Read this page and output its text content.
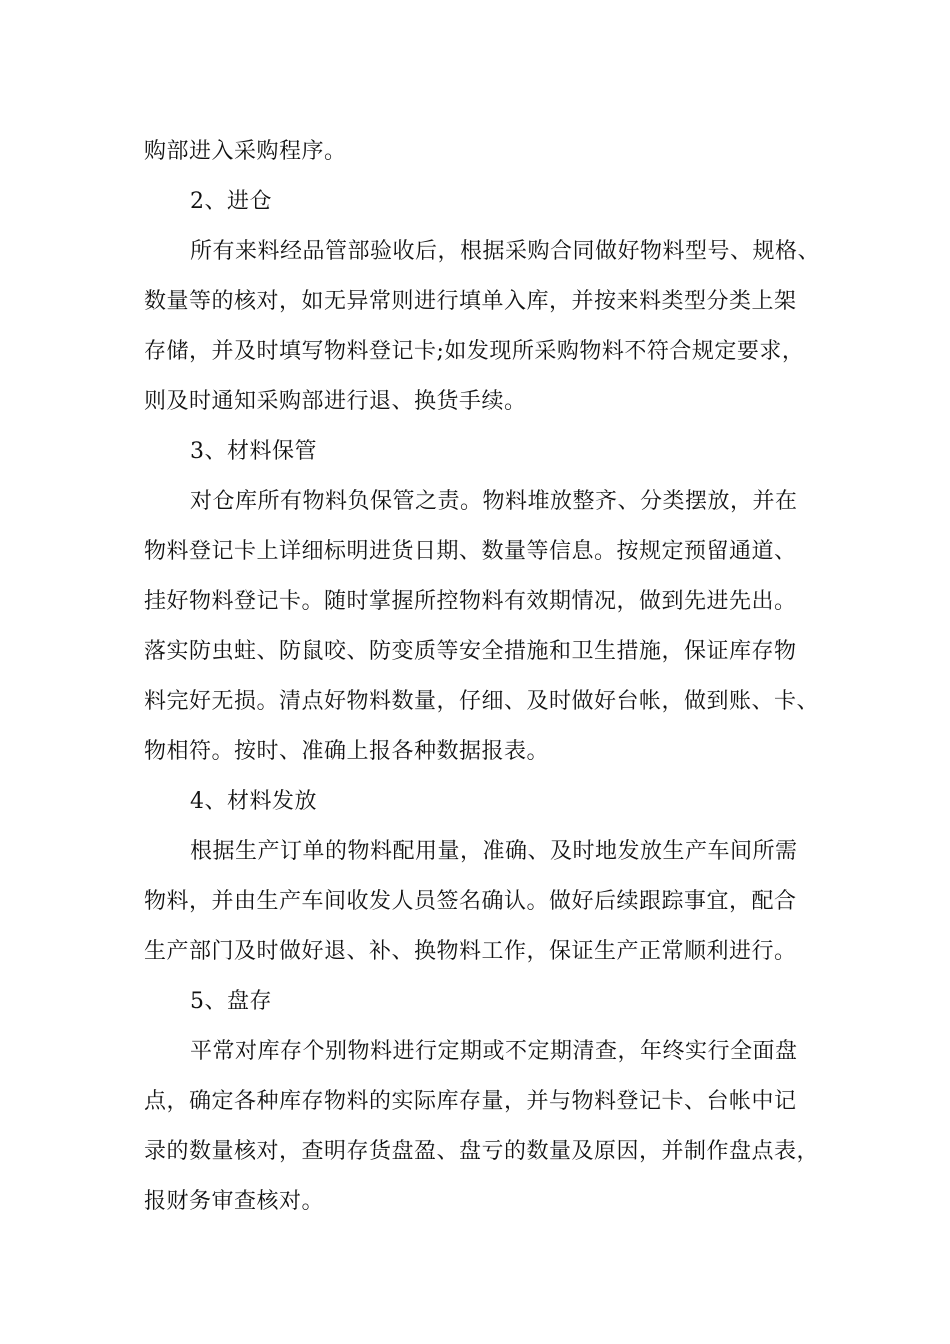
购部进入采购程序。
2、进仓
所有来料经品管部验收后，根据采购合同做好物料型号、规格、
数量等的核对，如无异常则进行填单入库，并按来料类型分类上架
存储，并及时填写物料登记卡;如发现所采购物料不符合规定要求，
则及时通知采购部进行退、换货手续。
3、材料保管
对仓库所有物料负保管之责。物料堆放整齐、分类摆放，并在
物料登记卡上详细标明进货日期、数量等信息。按规定预留通道、
挂好物料登记卡。随时掌握所控物料有效期情况，做到先进先出。
落实防虫蛀、防鼠咬、防变质等安全措施和卫生措施，保证库存物
料完好无损。清点好物料数量，仔细、及时做好台帐，做到账、卡、
物相符。按时、准确上报各种数据报表。
4、材料发放
根据生产订单的物料配用量，准确、及时地发放生产车间所需
物料，并由生产车间收发人员签名确认。做好后续跟踪事宜，配合
生产部门及时做好退、补、换物料工作，保证生产正常顺利进行。
5、盘存
平常对库存个别物料进行定期或不定期清查，年终实行全面盘
点，确定各种库存物料的实际库存量，并与物料登记卡、台帐中记
录的数量核对，查明存货盘盈、盘亏的数量及原因，并制作盘点表，
报财务审查核对。
